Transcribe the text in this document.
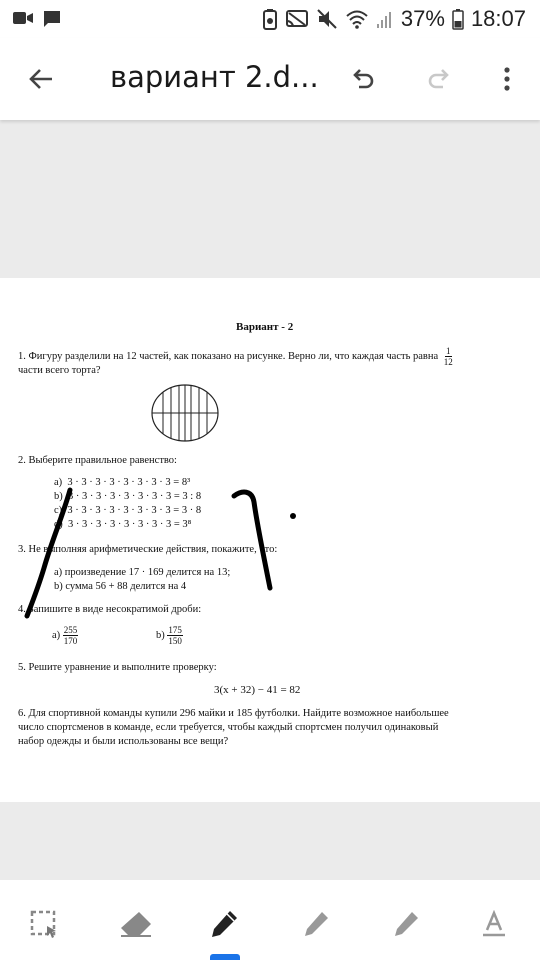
37% 18:07
вариант 2.d...
Вариант - 2
1. Фигуру разделили на 12 частей, как показано на рисунке. Верно ли, что каждая часть равна $\frac{1}{12}$
части всего торта?
2. Выберите правильное равенство:
а) 3 · 3 · 3 · 3 · 3 · 3 · 3 · 3 = 8³
b) 3 · 3 · 3 · 3 · 3 · 3 · 3 · 3 = 3 : 8
c) 3 · 3 · 3 · 3 · 3 · 3 · 3 · 3 = 3 · 8
d) 3 · 3 · 3 · 3 · 3 · 3 · 3 · 3 = 3⁸
3. Не выполняя арифметические действия, покажите, что:
а) произведение 17 · 169 делится на 13;
b) сумма 56 + 88 делится на 4
4. Запишите в виде несократимой дроби:
$а) \frac{255}{170}$	$b) \frac{175}{150}$
5. Решите уравнение и выполните проверку:
3(x + 32) − 41 = 82
6. Для спортивной команды купили 296 майки и 185 футболки. Найдите возможное наибольшее
число спортсменов в команде, если требуется, чтобы каждый спортсмен получил одинаковый
набор одежды и были использованы все вещи?
